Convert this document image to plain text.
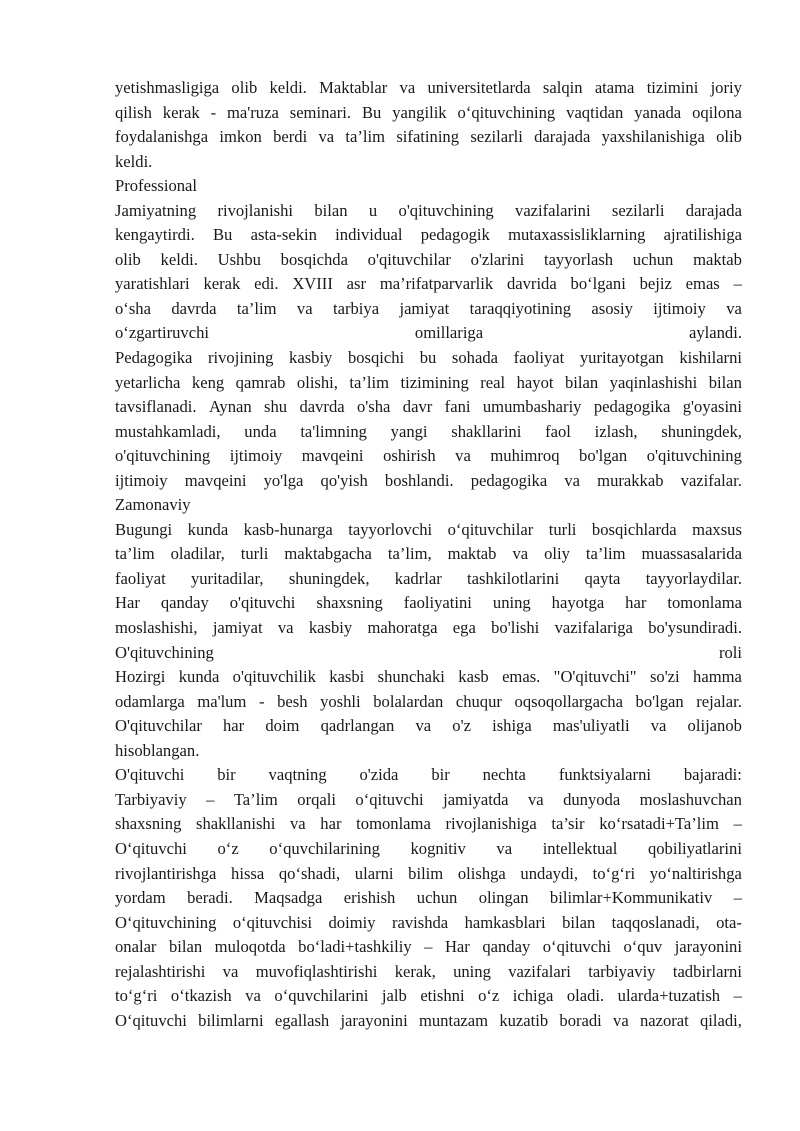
yetishmasligiga olib keldi. Maktablar va universitetlarda salqin atama tizimini joriy
qilish kerak - ma'ruza seminari. Bu yangilik o‘qituvchining vaqtidan yanada oqilona
foydalanishga imkon berdi va ta’lim sifatining sezilarli darajada yaxshilanishiga olib
keldi.
Professional
Jamiyatning rivojlanishi bilan u o'qituvchining vazifalarini sezilarli darajada
kengaytirdi. Bu asta-sekin individual pedagogik mutaxassisliklarning ajratilishiga
olib keldi. Ushbu bosqichda o'qituvchilar o'zlarini tayyorlash uchun maktab
yaratishlari kerak edi. XVIII asr ma’rifatparvarlik davrida bo‘lgani bejiz emas –
o‘sha davrda ta’lim va tarbiya jamiyat taraqqiyotining asosiy ijtimoiy va
o‘zgartiruvchi	omillariga	aylandi.
Pedagogika rivojining kasbiy bosqichi bu sohada faoliyat yuritayotgan kishilarni
yetarlicha keng qamrab olishi, ta’lim tizimining real hayot bilan yaqinlashishi bilan
tavsiflanadi. Aynan shu davrda o'sha davr fani umumbashariy pedagogika g'oyasini
mustahkamladi, unda ta'limning yangi shakllarini faol izlash, shuningdek,
o'qituvchining ijtimoiy mavqeini oshirish va muhimroq bo'lgan o'qituvchining
ijtimoiy mavqeini yo'lga qo'yish boshlandi. pedagogika va murakkab vazifalar.
Zamonaviy
Bugungi kunda kasb-hunarga tayyorlovchi o‘qituvchilar turli bosqichlarda maxsus
ta’lim oladilar, turli maktabgacha ta’lim, maktab va oliy ta’lim muassasalarida
faoliyat yuritadilar, shuningdek, kadrlar tashkilotlarini qayta tayyorlaydilar.
Har qanday o'qituvchi shaxsning faoliyatini uning hayotga har tomonlama
moslashishi, jamiyat va kasbiy mahoratga ega bo'lishi vazifalariga bo'ysundiradi.
O'qituvchining	roli
Hozirgi kunda o'qituvchilik kasbi shunchaki kasb emas. "O'qituvchi" so'zi hamma
odamlarga ma'lum - besh yoshli bolalardan chuqur oqsoqollargacha bo'lgan rejalar.
O'qituvchilar har doim qadrlangan va o'z ishiga mas'uliyatli va olijanob
hisoblangan.
O'qituvchi bir vaqtning o'zida bir nechta funktsiyalarni bajaradi:
Tarbiyaviy – Ta’lim orqali o‘qituvchi jamiyatda va dunyoda moslashuvchan
shaxsning shakllanishi va har tomonlama rivojlanishiga ta’sir ko‘rsatadi+Ta’lim –
O‘qituvchi o‘z o‘quvchilarining kognitiv va intellektual qobiliyatlarini
rivojlantirishga hissa qo‘shadi, ularni bilim olishga undaydi, to‘g‘ri yo‘naltirishga
yordam beradi. Maqsadga erishish uchun olingan bilimlar+Kommunikativ –
O‘qituvchining o‘qituvchisi doimiy ravishda hamkasblari bilan taqqoslanadi, ota-
onalar bilan muloqotda bo‘ladi+tashkiliy – Har qanday o‘qituvchi o‘quv jarayonini
rejalashtirishi va muvofiqlashtirishi kerak, uning vazifalari tarbiyaviy tadbirlarni
to‘g‘ri o‘tkazish va o‘quvchilarini jalb etishni o‘z ichiga oladi. ularda+tuzatish –
O‘qituvchi bilimlarni egallash jarayonini muntazam kuzatib boradi va nazorat qiladi,
